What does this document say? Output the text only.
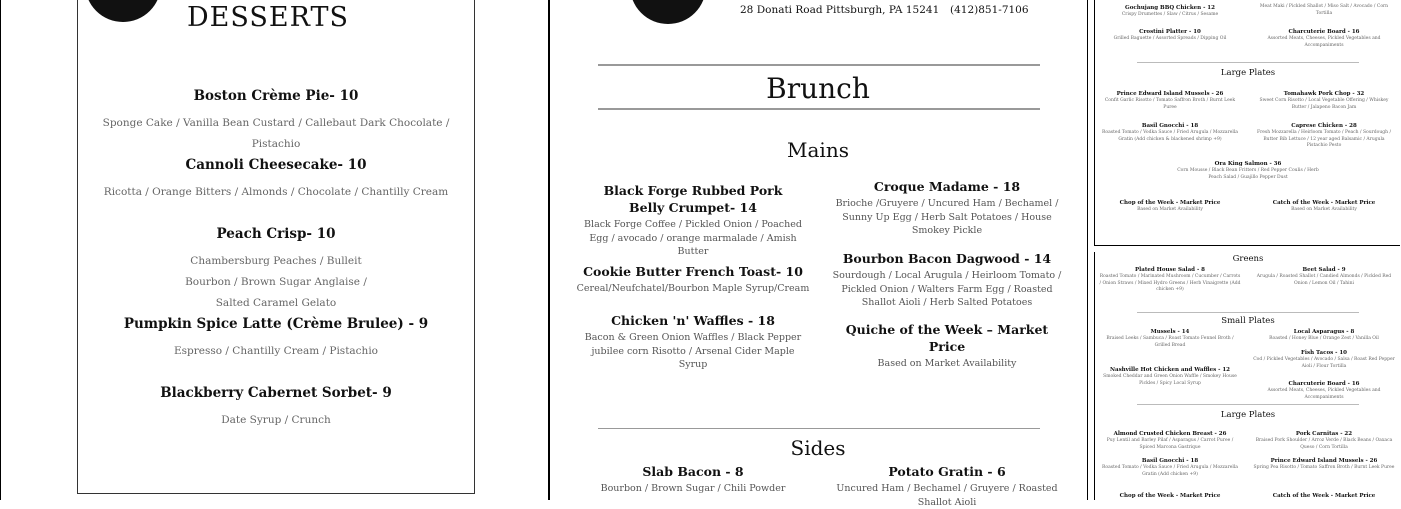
DESSERTS
Boston Crème Pie- 10
Sponge Cake / Vanilla Bean Custard / Callebaut Dark Chocolate / Pistachio
Cannoli Cheesecake- 10
Ricotta / Orange Bitters / Almonds / Chocolate / Chantilly Cream
Peach Crisp- 10
Chambersburg Peaches / Bulleit Bourbon / Brown Sugar Anglaise / Salted Caramel Gelato
Pumpkin Spice Latte (Crème Brulee) - 9
Espresso / Chantilly Cream / Pistachio
Blackberry Cabernet Sorbet- 9
Date Syrup / Crunch
28 Donati Road Pittsburgh, PA 15241 (412)851-7106
Brunch
Mains
Black Forge Rubbed Pork Belly Crumpet- 14
Black Forge Coffee / Pickled Onion / Poached Egg / avocado / orange marmalade / Amish Butter
Croque Madame - 18
Brioche /Gruyere / Uncured Ham / Bechamel / Sunny Up Egg / Herb Salt Potatoes / House Smokey Pickle
Cookie Butter French Toast- 10
Cereal/Neufchatel/Bourbon Maple Syrup/Cream
Bourbon Bacon Dagwood - 14
Sourdough / Local Arugula / Heirloom Tomato / Pickled Onion / Walters Farm Egg / Roasted Shallot Aioli / Herb Salted Potatoes
Chicken 'n' Waffles - 18
Bacon & Green Onion Waffles / Black Pepper jubilee corn Risotto / Arsenal Cider Maple Syrup
Quiche of the Week – Market Price
Based on Market Availability
Sides
Slab Bacon - 8
Bourbon / Brown Sugar / Chili Powder
Potato Gratin - 6
Uncured Ham / Bechamel / Gruyere / Roasted Shallot Aioli
Gochujang BBQ Chicken - 12
Crispy Drumettes / Slaw / Citrus / Sesame
Meat Maki / Pickled Shallot / Miso Salt / Avocado / Corn Tortilla
Crostini Platter - 10
Grilled Baguette / Assorted Spreads / Dipping Oil
Charcuterie Board - 16
Assorted Meats, Cheeses, Pickled Vegetables and Accompaniments
Large Plates
Prince Edward Island Mussels - 26
Confit Garlic Risotto / Tomato Saffron Broth / Burnt Leek Puree
Tomahawk Pork Chop - 32
Sweet Corn Risotto / Local Vegetable Offering / Whiskey Butter / Jalapeno Bacon Jam
Basil Gnocchi - 18
Roasted Tomato / Vodka Sauce / Fried Arugula / Mozzarella Gratin (Add chicken & blackened shrimp +9)
Caprese Chicken - 28
Fresh Mozzarella / Heirloom Tomato / Peach / Sourdough / Butter Bib Lettuce / 12 year aged Balsamic / Arugula Pistachio Pesto
Ora King Salmon - 36
Corn Mousse / Black Bean Fritters / Red Pepper Coulis / Herb Peach Salad / Guajillo Pepper Dust
Chop of the Week - Market Price
Based on Market Availability
Catch of the Week - Market Price
Based on Market Availability
Greens
Plated House Salad - 8
Roasted Tomato / Marinated Mushroom / Cucumber / Carrots / Onion Straws / Mixed Hydro Greens / Herb Vinaigrette (Add chicken +9)
Beet Salad - 9
Arugula / Roasted Shallot / Candied Almonds / Pickled Red Onion / Lemon Oil / Tahini
Small Plates
Mussels - 14
Braised Leeks / Sambuca / Roast Tomato Fennel Broth / Grilled Bread
Local Asparagus - 8
Roasted / Honey Blue / Orange Zest / Vanilla Oil
Nashville Hot Chicken and Waffles - 12
Smoked Cheddar and Green Onion Waffle / Smokey House Pickles / Spicy Local Syrup
Fish Tacos - 10
Cod / Pickled Vegetables / Avocado / Salsa / Roast Red Pepper Aioli / Flour Tortilla
Charcuterie Board - 16
Assorted Meats, Cheeses, Pickled Vegetables and Accompaniments
Large Plates
Almond Crusted Chicken Breast - 26
Puy Lentil and Barley Pilaf / Asparagus / Carrot Puree / Spiced Marcona Gastrique
Pork Carnitas - 22
Braised Pork Shoulder / Arroz Verde / Black Beans / Oaxaca Queso / Corn Tortilla
Basil Gnocchi - 18
Roasted Tomato / Vodka Sauce / Fried Arugula / Mozzarella Gratin (Add chicken +9)
Prince Edward Island Mussels - 26
Spring Pea Risotto / Tomato Saffron Broth / Burnt Leek Puree
Chop of the Week - Market Price	Catch of the Week - Market Price
